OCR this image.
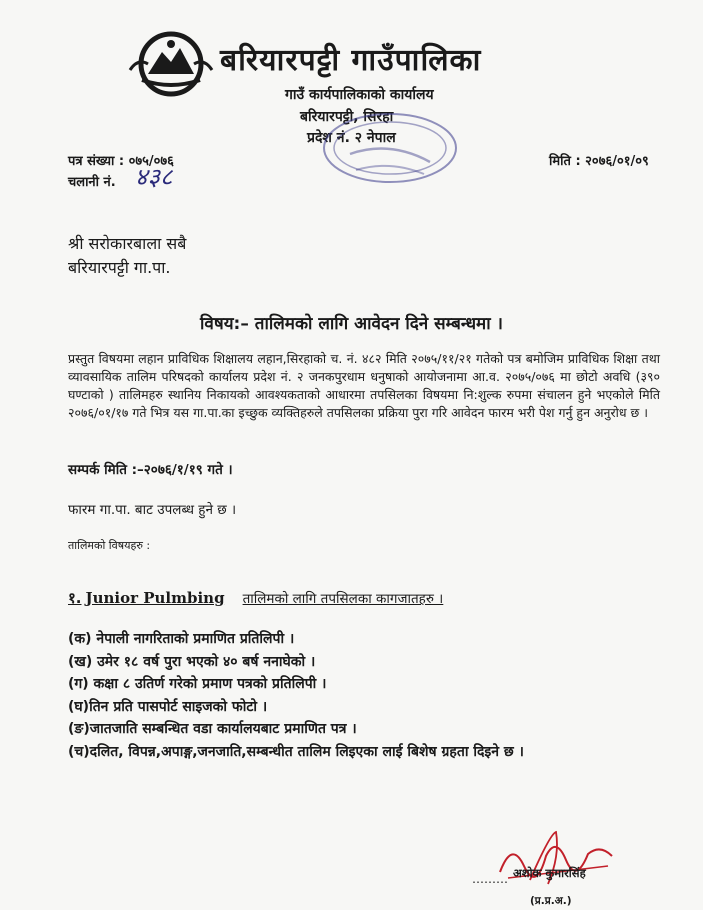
बरियारपट्टी गाउँपालिका
गाउँ कार्यपालिकाको कार्यालय
बरियारपट्टी, सिरहा
प्रदेश नं. २ नेपाल
पत्र संख्या : ०७५/०७६
चलानी नं. ४३८
मिति : २०७६/०१/०९
श्री सरोकारबाला सबै
बरियारपट्टी गा.पा.
विषय:– तालिमको लागि आवेदन दिने सम्बन्धमा ।
प्रस्तुत विषयमा लहान प्राविधिक शिक्षालय लहान,सिरहाको च. नं. ४८२ मिति २०७५/११/२१ गतेको पत्र बमोजिम प्राविधिक शिक्षा तथा व्यावसायिक तालिम परिषदको कार्यालय प्रदेश नं. २ जनकपुरधाम धनुषाको आयोजनामा आ.व. २०७५/०७६ मा छोटो अवधि (३९० घण्टाको ) तालिमहरु स्थानिय निकायको आवश्यकताको आधारमा तपसिलका विषयमा नि:शुल्क रुपमा संचालन हुने भएकोले मिति २०७६/०१/१७ गते भित्र यस गा.पा.का इच्छुक व्यक्तिहरुले तपसिलका प्रक्रिया पुरा गरि आवेदन फारम भरी पेश गर्नु हुन अनुरोध छ ।
सम्पर्क मिति :–२०७६/१/१९ गते ।
फारम गा.पा. बाट उपलब्ध हुने छ ।
तालिमको विषयहरु :
१. Junior Pulmbing तालिमको लागि तपसिलका कागजातहरु ।
(क) नेपाली नागरिताको प्रमाणित प्रतिलिपी ।
(ख) उमेर १८ वर्ष पुरा भएको ४० बर्ष ननाघेको ।
(ग) कक्षा ८ उतिर्ण गरेको प्रमाण पत्रको प्रतिलिपी ।
(घ)तिन प्रति पासपोर्ट साइजको फोटो ।
(ङ)जातजाति सम्बन्धित वडा कार्यालयबाट प्रमाणित पत्र ।
(च)दलित, विपन्न,अपाङ्ग,जनजाति,सम्बन्धीत तालिम लिइएका लाई बिशेष ग्रहता दिइने छ ।
……… अशोक कुमारसिंह
(प्र.प्र.अ.)
